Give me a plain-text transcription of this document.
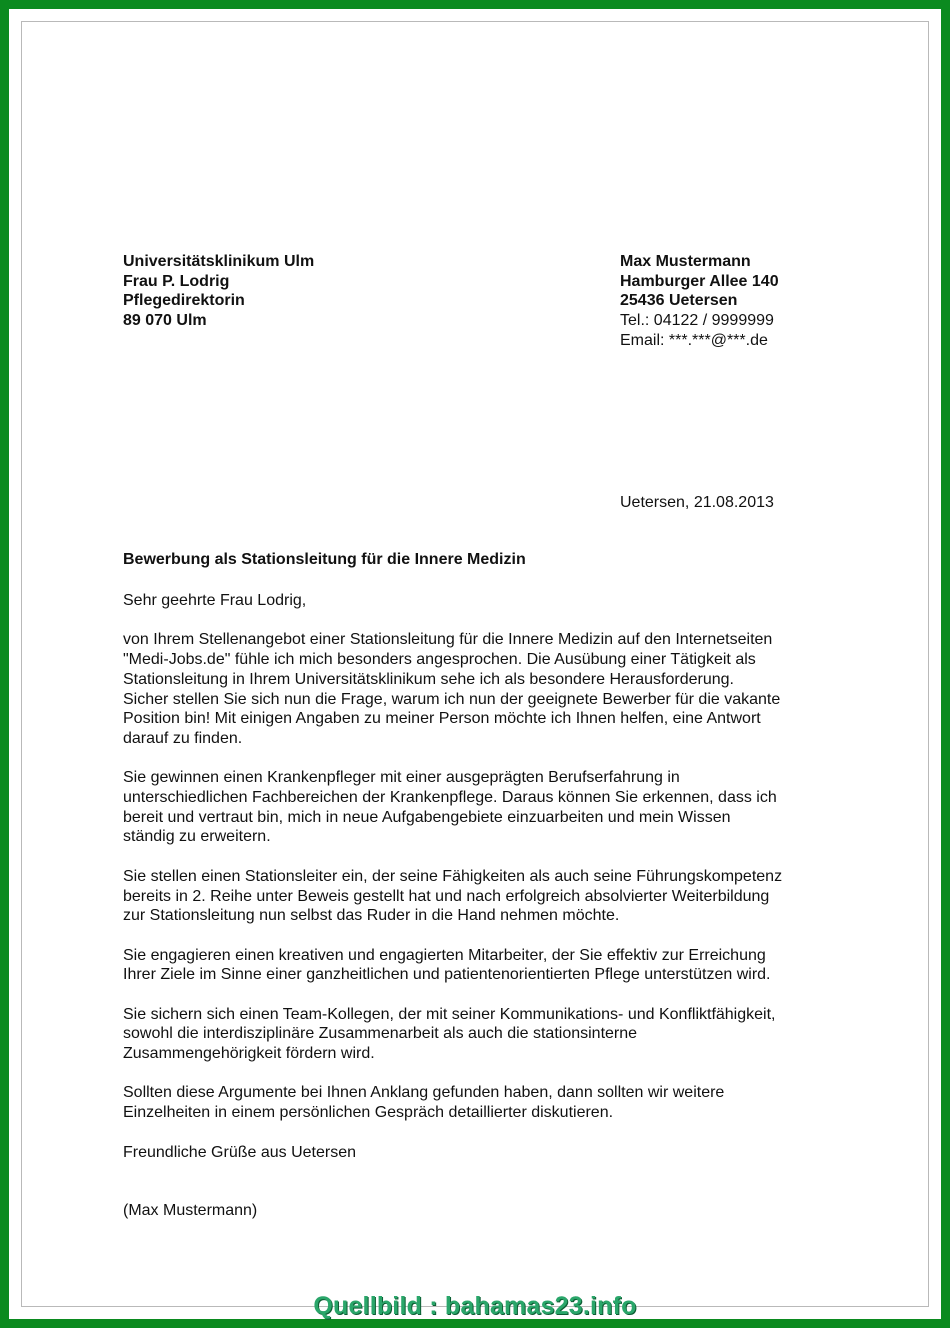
Universitätsklinikum Ulm
Frau P. Lodrig
Pflegedirektorin
89 070 Ulm
Max Mustermann
Hamburger Allee 140
25436 Uetersen
Tel.: 04122 / 9999999
Email: ***.***@***.de
Uetersen, 21.08.2013
Bewerbung als Stationsleitung für die Innere Medizin

Sehr geehrte Frau Lodrig,

von Ihrem Stellenangebot einer Stationsleitung für die Innere Medizin auf den Internetseiten
"Medi-Jobs.de" fühle ich mich besonders angesprochen. Die Ausübung einer Tätigkeit als
Stationsleitung in Ihrem Universitätsklinikum sehe ich als besondere Herausforderung.
Sicher stellen Sie sich nun die Frage, warum ich nun der geeignete Bewerber für die vakante
Position bin! Mit einigen Angaben zu meiner Person möchte ich Ihnen helfen, eine Antwort
darauf zu finden.

Sie gewinnen einen Krankenpfleger mit einer ausgeprägten Berufserfahrung in
unterschiedlichen Fachbereichen der Krankenpflege. Daraus können Sie erkennen, dass ich
bereit und vertraut bin, mich in neue Aufgabengebiete einzuarbeiten und mein Wissen
ständig zu erweitern.

Sie stellen einen Stationsleiter ein, der seine Fähigkeiten als auch seine Führungskompetenz
bereits in 2. Reihe unter Beweis gestellt hat und nach erfolgreich absolvierter Weiterbildung
zur Stationsleitung nun selbst das Ruder in die Hand nehmen möchte.

Sie engagieren einen kreativen und engagierten Mitarbeiter, der Sie effektiv zur Erreichung
Ihrer Ziele im Sinne einer ganzheitlichen und patientenorientierten Pflege unterstützen wird.

Sie sichern sich einen Team-Kollegen, der mit seiner Kommunikations- und Konfliktfähigkeit,
sowohl die interdisziplinäre Zusammenarbeit als auch die stationsinterne
Zusammengehörigkeit fördern wird.

Sollten diese Argumente bei Ihnen Anklang gefunden haben, dann sollten wir weitere
Einzelheiten in einem persönlichen Gespräch detaillierter diskutieren.

Freundliche Grüße aus Uetersen

(Max Mustermann)
Quellbild : bahamas23.info
